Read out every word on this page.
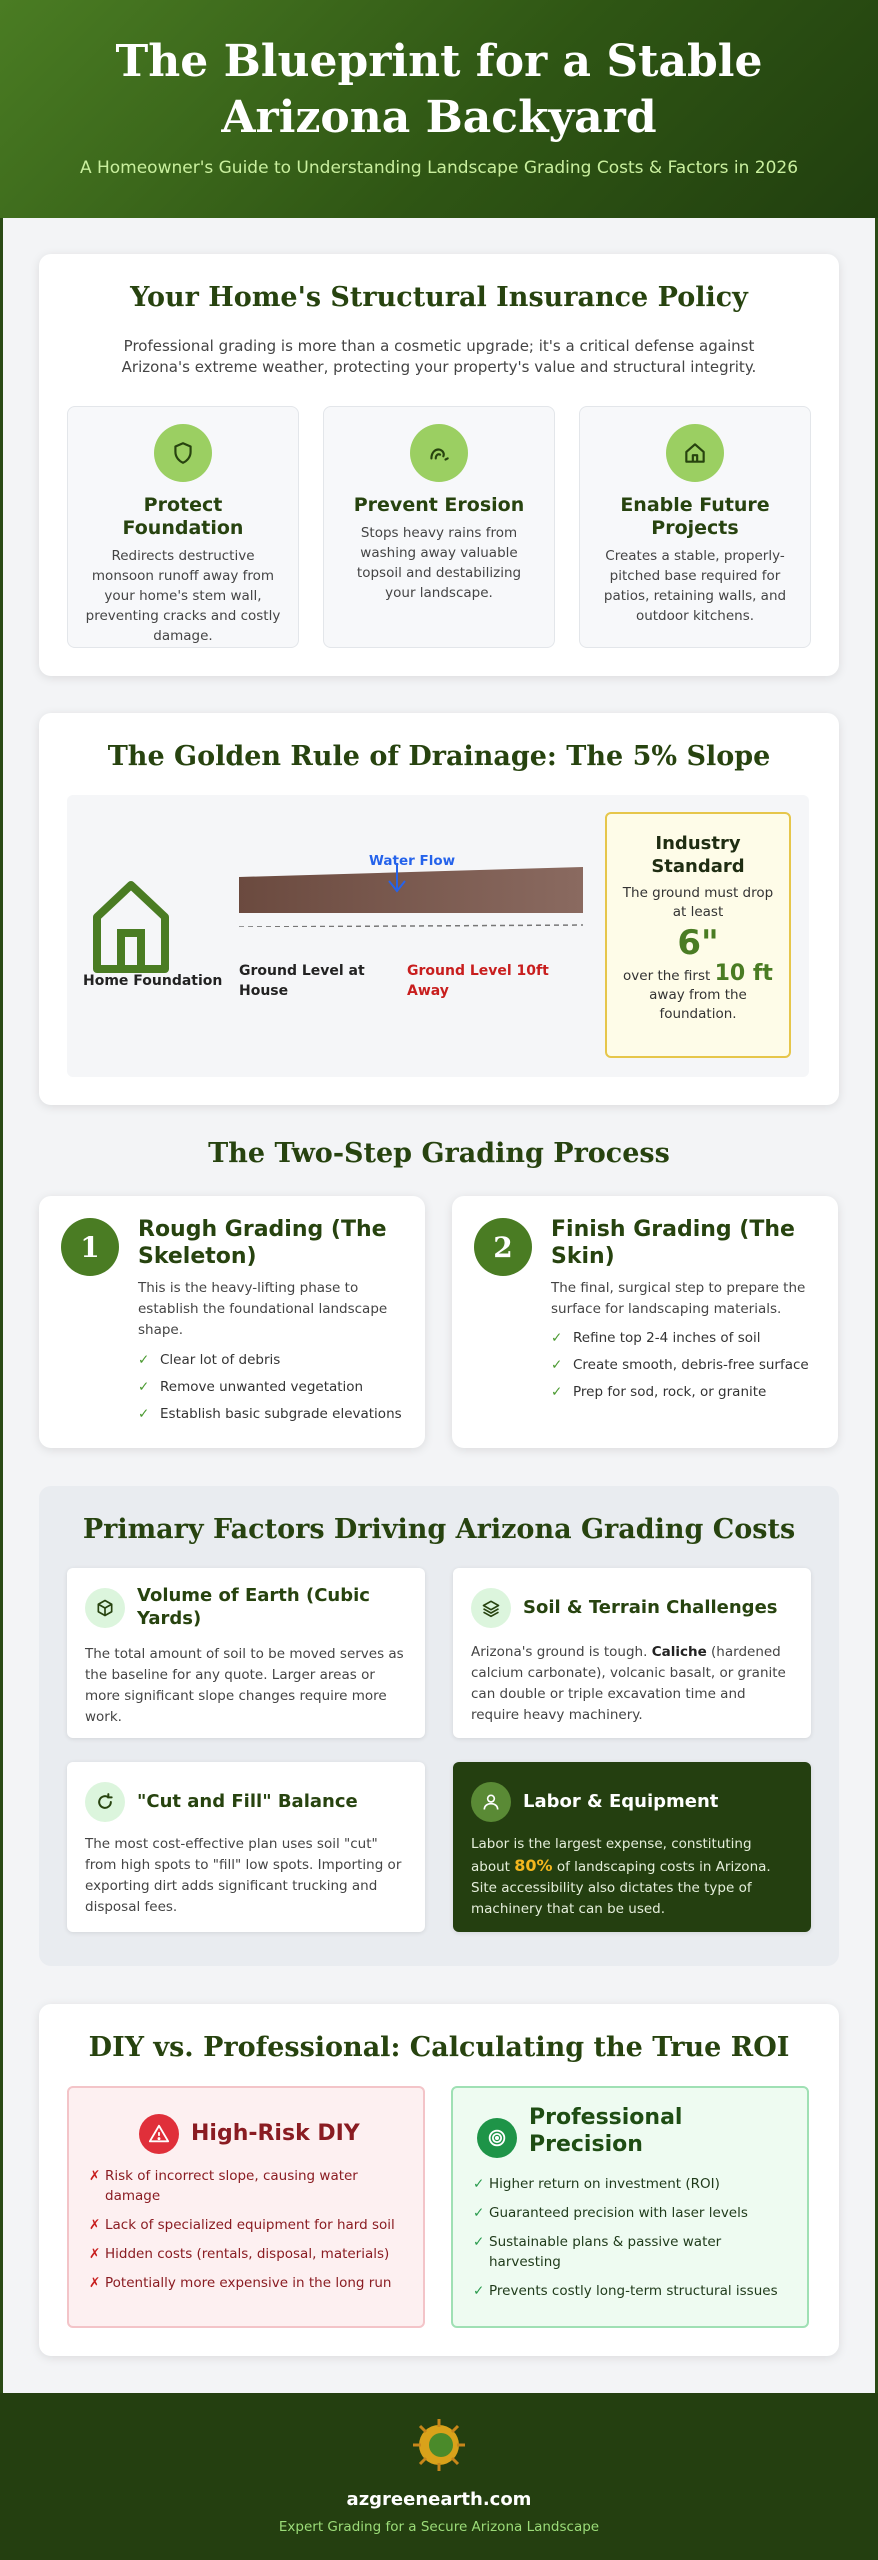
The Blueprint for a Stable Arizona Backyard

A Homeowner's Guide to Understanding Landscape Grading Costs & Factors in 2026

Your Home's Structural Insurance Policy

Professional grading is more than a cosmetic upgrade; it's a critical defense against Arizona's extreme weather, protecting your property's value and structural integrity.

Protect Foundation

Redirects destructive monsoon runoff away from your home's stem wall, preventing cracks and costly damage.

Prevent Erosion

Stops heavy rains from washing away valuable topsoil and destabilizing your landscape.

Enable Future Projects

Creates a stable, properly-pitched base required for patios, retaining walls, and outdoor kitchens.

The Golden Rule of Drainage: The 5% Slope
Home Foundation
Water Flow
Ground Level at House
Ground Level 10ft Away
Industry Standard
The ground must drop at least
6"
over the first 10 ft
away from the foundation.
The Two-Step Grading Process
1
Rough Grading (The Skeleton)

This is the heavy-lifting phase to establish the foundational landscape shape.

✓ Clear lot of debris
✓ Remove unwanted vegetation
✓ Establish basic subgrade elevations
2
Finish Grading (The Skin)

The final, surgical step to prepare the surface for landscaping materials.

✓ Refine top 2-4 inches of soil
✓ Create smooth, debris-free surface
✓ Prep for sod, rock, or granite
Primary Factors Driving Arizona Grading Costs
Volume of Earth (Cubic Yards)

The total amount of soil to be moved serves as the baseline for any quote. Larger areas or more significant slope changes require more work.

Soil & Terrain Challenges

Arizona's ground is tough. Caliche (hardened calcium carbonate), volcanic basalt, or granite can double or triple excavation time and require heavy machinery.

"Cut and Fill" Balance

The most cost-effective plan uses soil "cut" from high spots to "fill" low spots. Importing or exporting dirt adds significant trucking and disposal fees.

Labor & Equipment

Labor is the largest expense, constituting about 80% of landscaping costs in Arizona. Site accessibility also dictates the type of machinery that can be used.

DIY vs. Professional: Calculating the True ROI
High-Risk DIY
✗ Risk of incorrect slope, causing water damage
✗ Lack of specialized equipment for hard soil
✗ Hidden costs (rentals, disposal, materials)
✗ Potentially more expensive in the long run
Professional Precision
✓ Higher return on investment (ROI)
✓ Guaranteed precision with laser levels
✓ Sustainable plans & passive water harvesting
✓ Prevents costly long-term structural issues
azgreenearth.com
Expert Grading for a Secure Arizona Landscape
